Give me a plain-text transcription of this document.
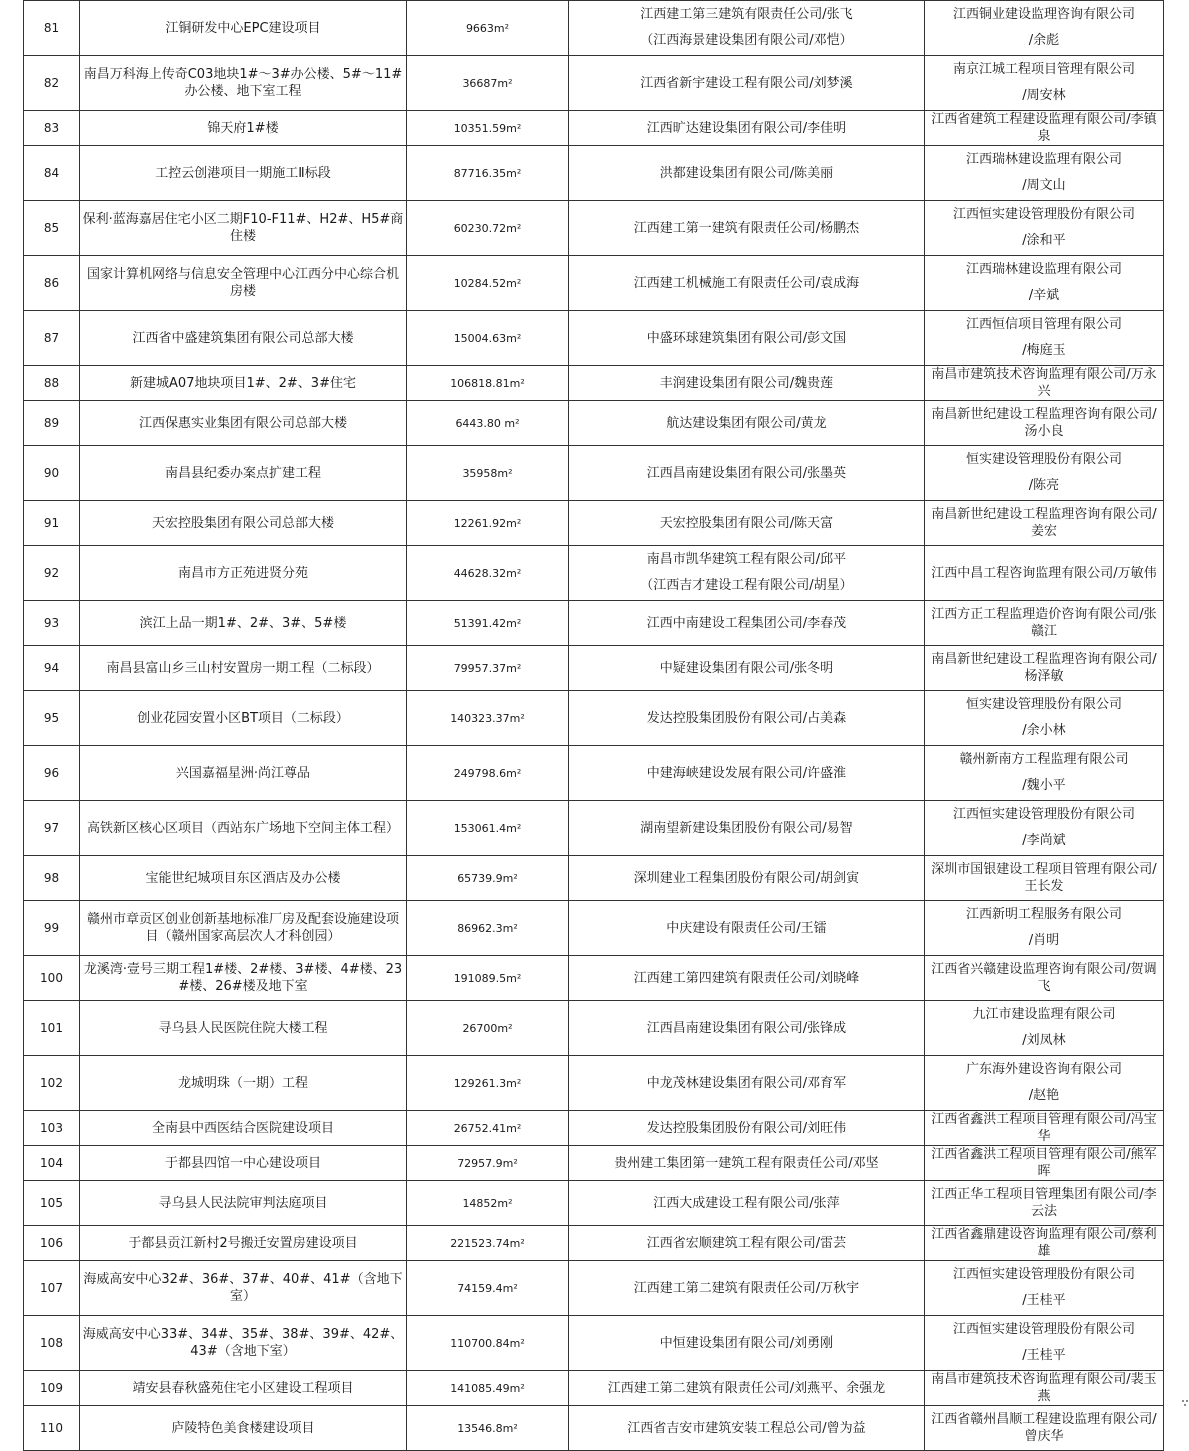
81	江铜研发中心EPC建设项目	9663m²	江西建工第三建筑有限责任公司/张飞
（江西海景建设集团有限公司/邓恺）	江西铜业建设监理咨询有限公司
/余彪

82	南昌万科海上传奇C03地块1#～3#办公楼、5#～11#办公楼、地下室工程	36687m²	江西省新宇建设工程有限公司/刘梦溪	南京江城工程项目管理有限公司
/周安林

83	锦天府1#楼	10351.59m²	江西旷达建设集团有限公司/李佳明	江西省建筑工程建设监理有限公司/李镇泉
84	工控云创港项目一期施工Ⅱ标段	87716.35m²	洪都建设集团有限公司/陈美丽	江西瑞林建设监理有限公司
/周文山

85	保利·蓝海嘉居住宅小区二期F10-F11#、H2#、H5#商住楼	60230.72m²	江西建工第一建筑有限责任公司/杨鹏杰	江西恒实建设管理股份有限公司
/涂和平

86	国家计算机网络与信息安全管理中心江西分中心综合机房楼	10284.52m²	江西建工机械施工有限责任公司/袁成海	江西瑞林建设监理有限公司
/辛斌

87	江西省中盛建筑集团有限公司总部大楼	15004.63m²	中盛环球建筑集团有限公司/彭文国	江西恒信项目管理有限公司
/梅庭玉

88	新建城A07地块项目1#、2#、3#住宅	106818.81m²	丰润建设集团有限公司/魏贵莲	南昌市建筑技术咨询监理有限公司/万永兴
89	江西保惠实业集团有限公司总部大楼	6443.80 m²	航达建设集团有限公司/黄龙	南昌新世纪建设工程监理咨询有限公司/汤小良
90	南昌县纪委办案点扩建工程	35958m²	江西昌南建设集团有限公司/张墨英	恒实建设管理股份有限公司
/陈亮

91	天宏控股集团有限公司总部大楼	12261.92m²	天宏控股集团有限公司/陈天富	南昌新世纪建设工程监理咨询有限公司/姜宏
92	南昌市方正苑进贤分苑	44628.32m²	南昌市凯华建筑工程有限公司/邱平
（江西吉才建设工程有限公司/胡星）	江西中昌工程咨询监理有限公司/万敏伟
93	滨江上品一期1#、2#、3#、5#楼	51391.42m²	江西中南建设工程集团公司/李春茂	江西方正工程监理造价咨询有限公司/张赣江
94	南昌县富山乡三山村安置房一期工程（二标段）	79957.37m²	中疑建设集团有限公司/张冬明	南昌新世纪建设工程监理咨询有限公司/杨泽敏
95	创业花园安置小区BT项目（二标段）	140323.37m²	发达控股集团股份有限公司/占美森	恒实建设管理股份有限公司
/余小林

96	兴国嘉福星洲·尚江尊品	249798.6m²	中建海峡建设发展有限公司/许盛淮	赣州新南方工程监理有限公司
/魏小平

97	高铁新区核心区项目（西站东广场地下空间主体工程）	153061.4m²	湖南望新建设集团股份有限公司/易智	江西恒实建设管理股份有限公司
/李尚斌

98	宝能世纪城项目东区酒店及办公楼	65739.9m²	深圳建业工程集团股份有限公司/胡剑寅	深圳市国银建设工程项目管理有限公司/王长发
99	赣州市章贡区创业创新基地标准厂房及配套设施建设项目（赣州国家高层次人才科创园）	86962.3m²	中庆建设有限责任公司/王镭	江西新明工程服务有限公司
/肖明

100	龙溪湾·壹号三期工程1#楼、2#楼、3#楼、4#楼、23#楼、26#楼及地下室	191089.5m²	江西建工第四建筑有限责任公司/刘晓峰	江西省兴赣建设监理咨询有限公司/贺调飞
101	寻乌县人民医院住院大楼工程	26700m²	江西昌南建设集团有限公司/张锋成	九江市建设监理有限公司
/刘凤林

102	龙城明珠（一期）工程	129261.3m²	中龙茂林建设集团有限公司/邓育军	广东海外建设咨询有限公司
/赵艳

103	全南县中西医结合医院建设项目	26752.41m²	发达控股集团股份有限公司/刘旺伟	江西省鑫洪工程项目管理有限公司/冯宝华
104	于都县四馆一中心建设项目	72957.9m²	贵州建工集团第一建筑工程有限责任公司/邓坚	江西省鑫洪工程项目管理有限公司/熊军晖
105	寻乌县人民法院审判法庭项目	14852m²	江西大成建设工程有限公司/张萍	江西正华工程项目管理集团有限公司/李云法
106	于都县贡江新村2号搬迁安置房建设项目	221523.74m²	江西省宏顺建筑工程有限公司/雷芸	江西省鑫鼎建设咨询监理有限公司/蔡利雄
107	海威高安中心32#、36#、37#、40#、41#（含地下室）	74159.4m²	江西建工第二建筑有限责任公司/万秋宇	江西恒实建设管理股份有限公司
/王桂平

108	海威高安中心33#、34#、35#、38#、39#、42#、43#（含地下室）	110700.84m²	中恒建设集团有限公司/刘勇刚	江西恒实建设管理股份有限公司
/王桂平

109	靖安县春秋盛苑住宅小区建设工程项目	141085.49m²	江西建工第二建筑有限责任公司/刘燕平、余强龙	南昌市建筑技术咨询监理有限公司/裴玉燕
110	庐陵特色美食楼建设项目	13546.8m²	江西省吉安市建筑安装工程总公司/曾为益	江西省赣州昌顺工程建设监理有限公司/曾庆华
